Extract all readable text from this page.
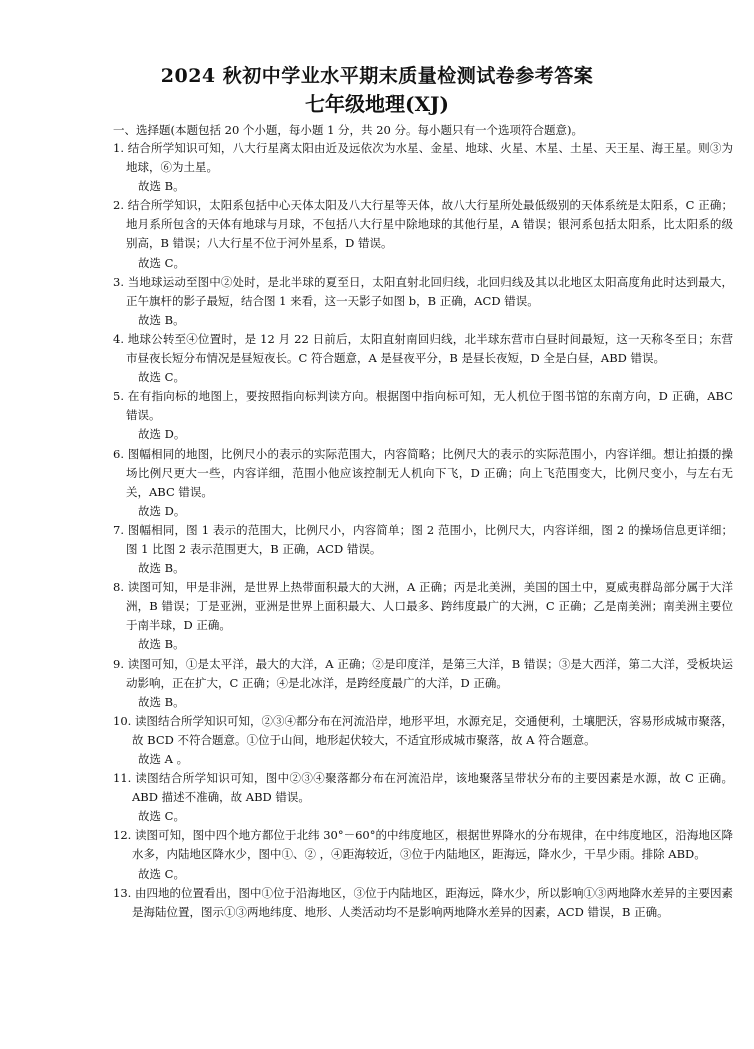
2024 秋初中学业水平期末质量检测试卷参考答案
七年级地理(XJ)
一、选择题(本题包括 20 个小题，每小题 1 分，共 20 分。每小题只有一个选项符合题意)。
1. 结合所学知识可知，八大行星离太阳由近及远依次为水星、金星、地球、火星、木星、土星、天王星、海王星。则③为地球，⑥为土星。
故选 B。
2. 结合所学知识，太阳系包括中心天体太阳及八大行星等天体，故八大行星所处最低级别的天体系统是太阳系，C 正确；地月系所包含的天体有地球与月球，不包括八大行星中除地球的其他行星，A 错误；银河系包括太阳系，比太阳系的级别高，B 错误；八大行星不位于河外星系，D 错误。
故选 C。
3. 当地球运动至图中②处时，是北半球的夏至日，太阳直射北回归线，北回归线及其以北地区太阳高度角此时达到最大，正午旗杆的影子最短，结合图 1 来看，这一天影子如图 b，B 正确，ACD 错误。
故选 B。
4. 地球公转至④位置时，是 12 月 22 日前后，太阳直射南回归线，北半球东营市白昼时间最短，这一天称冬至日；东营市昼夜长短分布情况是昼短夜长。C 符合题意，A 是昼夜平分，B 是昼长夜短，D 全是白昼，ABD 错误。
故选 C。
5. 在有指向标的地图上，要按照指向标判读方向。根据图中指向标可知，无人机位于图书馆的东南方向，D 正确，ABC 错误。
故选 D。
6. 图幅相同的地图，比例尺小的表示的实际范围大，内容简略；比例尺大的表示的实际范围小，内容详细。想让拍摄的操场比例尺更大一些，内容详细，范围小他应该控制无人机向下飞，D 正确；向上飞范围变大，比例尺变小，与左右无关，ABC 错误。
故选 D。
7. 图幅相同，图 1 表示的范围大，比例尺小，内容简单；图 2 范围小，比例尺大，内容详细，图 2 的操场信息更详细；图 1 比图 2 表示范围更大，B 正确，ACD 错误。
故选 B。
8. 读图可知，甲是非洲，是世界上热带面积最大的大洲，A 正确；丙是北美洲，美国的国土中，夏威夷群岛部分属于大洋洲，B 错误；丁是亚洲，亚洲是世界上面积最大、人口最多、跨纬度最广的大洲，C 正确；乙是南美洲；南美洲主要位于南半球，D 正确。
故选 B。
9. 读图可知，①是太平洋，最大的大洋，A 正确；②是印度洋，是第三大洋，B 错误；③是大西洋，第二大洋，受板块运动影响，正在扩大，C 正确；④是北冰洋，是跨经度最广的大洋，D 正确。
故选 B。
10. 读图结合所学知识可知，②③④都分布在河流沿岸，地形平坦，水源充足，交通便利，土壤肥沃，容易形成城市聚落，故 BCD 不符合题意。①位于山间，地形起伏较大，不适宜形成城市聚落，故 A 符合题意。
故选 A 。
11. 读图结合所学知识可知，图中②③④聚落都分布在河流沿岸，该地聚落呈带状分布的主要因素是水源，故 C 正确。ABD 描述不准确，故 ABD 错误。
故选 C。
12. 读图可知，图中四个地方都位于北纬 30°－60°的中纬度地区，根据世界降水的分布规律，在中纬度地区，沿海地区降水多，内陆地区降水少，图中①、② ，④距海较近，③位于内陆地区，距海远，降水少，干旱少雨。排除 ABD。
故选 C。
13. 由四地的位置看出，图中①位于沿海地区，③位于内陆地区，距海远，降水少，所以影响①③两地降水差异的主要因素是海陆位置，图示①③两地纬度、地形、人类活动均不是影响两地降水差异的因素，ACD 错误，B 正确。
